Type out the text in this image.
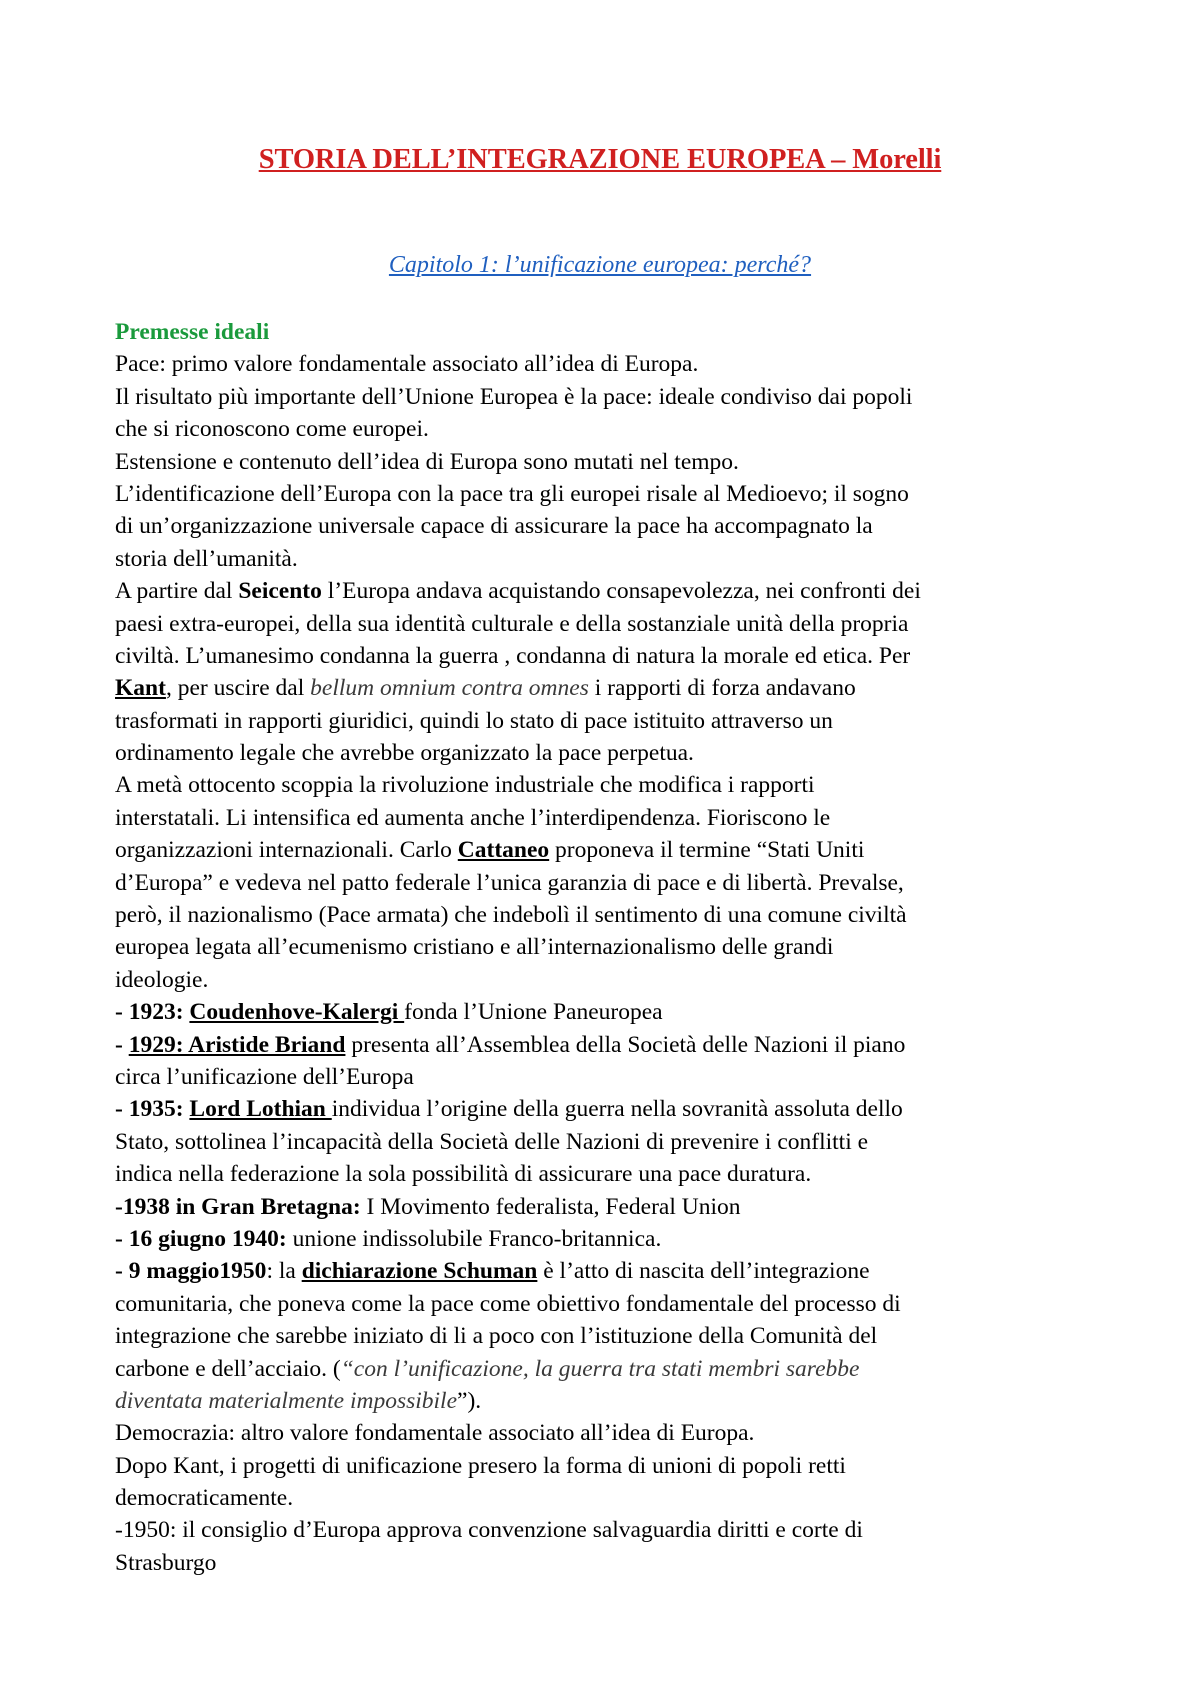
STORIA DELL’INTEGRAZIONE EUROPEA – Morelli
Capitolo 1: l’unificazione europea: perché?
Premesse ideali
Pace: primo valore fondamentale associato all’idea di Europa.
Il risultato più importante dell’Unione Europea è la pace: ideale condiviso dai popoli
che si riconoscono come europei.
Estensione e contenuto dell’idea di Europa sono mutati nel tempo.
L’identificazione dell’Europa con la pace tra gli europei risale al Medioevo; il sogno
di un’organizzazione universale capace di assicurare la pace ha accompagnato la
storia dell’umanità.
A partire dal Seicento l’Europa andava acquistando consapevolezza, nei confronti dei
paesi extra-europei, della sua identità culturale e della sostanziale unità della propria
civiltà. L’umanesimo condanna la guerra , condanna di natura la morale ed etica. Per
Kant, per uscire dal bellum omnium contra omnes i rapporti di forza andavano
trasformati in rapporti giuridici, quindi lo stato di pace istituito attraverso un
ordinamento legale che avrebbe organizzato la pace perpetua.
A metà ottocento scoppia la rivoluzione industriale che modifica i rapporti
interstatali. Li intensifica ed aumenta anche l’interdipendenza. Fioriscono le
organizzazioni internazionali. Carlo Cattaneo proponeva il termine “Stati Uniti
d’Europa” e vedeva nel patto federale l’unica garanzia di pace e di libertà. Prevalse,
però, il nazionalismo (Pace armata) che indebolì il sentimento di una comune civiltà
europea legata all’ecumenismo cristiano e all’internazionalismo delle grandi
ideologie.
- 1923: Coudenhove-Kalergi fonda l’Unione Paneuropea
- 1929: Aristide Briand presenta all’Assemblea della Società delle Nazioni il piano
circa l’unificazione dell’Europa
- 1935: Lord Lothian individua l’origine della guerra nella sovranità assoluta dello
Stato, sottolinea l’incapacità della Società delle Nazioni di prevenire i conflitti e
indica nella federazione la sola possibilità di assicurare una pace duratura.
-1938 in Gran Bretagna: I Movimento federalista, Federal Union
- 16 giugno 1940: unione indissolubile Franco-britannica.
- 9 maggio1950: la dichiarazione Schuman è l’atto di nascita dell’integrazione
comunitaria, che poneva come la pace come obiettivo fondamentale del processo di
integrazione che sarebbe iniziato di li a poco con l’istituzione della Comunità del
carbone e dell’acciaio. (“con l’unificazione, la guerra tra stati membri sarebbe
diventata materialmente impossibile”).
Democrazia: altro valore fondamentale associato all’idea di Europa.
Dopo Kant, i progetti di unificazione presero la forma di unioni di popoli retti
democraticamente.
-1950: il consiglio d’Europa approva convenzione salvaguardia diritti e corte di
Strasburgo
